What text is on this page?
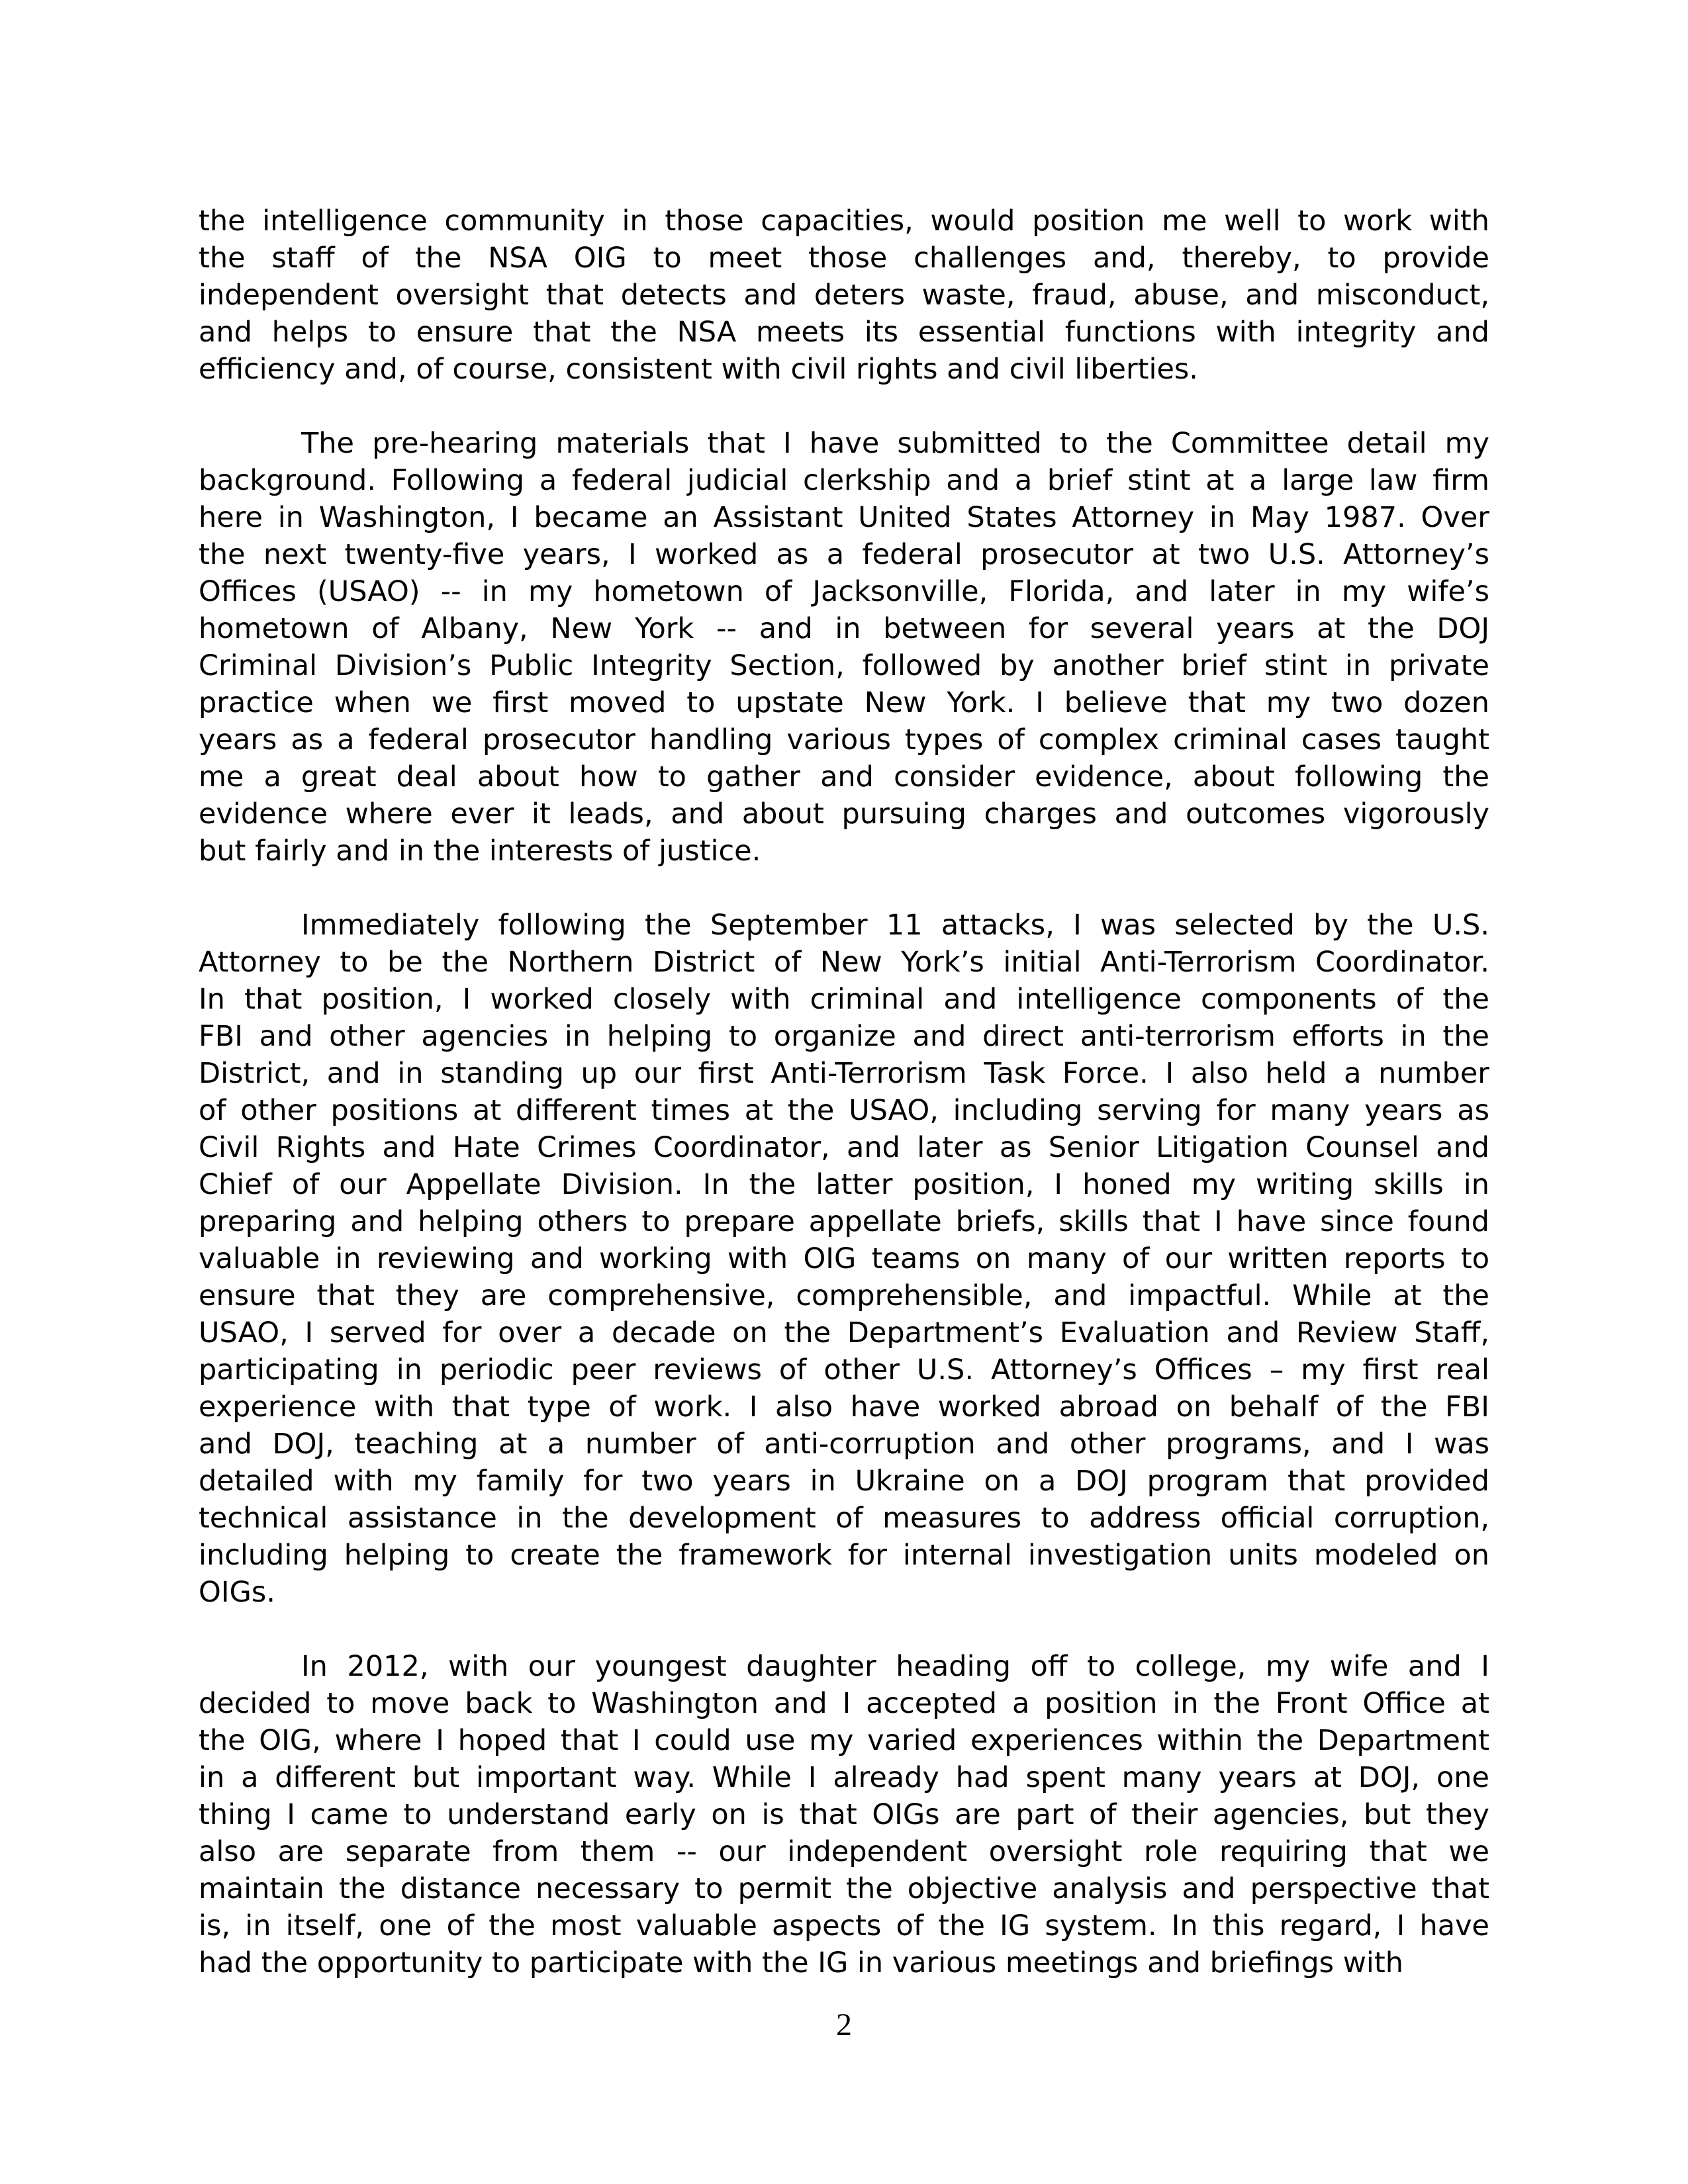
the intelligence community in those capacities, would position me well to work with
the staff of the NSA OIG to meet those challenges and, thereby, to provide
independent oversight that detects and deters waste, fraud, abuse, and misconduct,
and helps to ensure that the NSA meets its essential functions with integrity and
efficiency and, of course, consistent with civil rights and civil liberties.
The pre-hearing materials that I have submitted to the Committee detail my
background. Following a federal judicial clerkship and a brief stint at a large law firm
here in Washington, I became an Assistant United States Attorney in May 1987. Over
the next twenty-five years, I worked as a federal prosecutor at two U.S. Attorney’s
Offices (USAO) -- in my hometown of Jacksonville, Florida, and later in my wife’s
hometown of Albany, New York -- and in between for several years at the DOJ
Criminal Division’s Public Integrity Section, followed by another brief stint in private
practice when we first moved to upstate New York. I believe that my two dozen
years as a federal prosecutor handling various types of complex criminal cases taught
me a great deal about how to gather and consider evidence, about following the
evidence where ever it leads, and about pursuing charges and outcomes vigorously
but fairly and in the interests of justice.
Immediately following the September 11 attacks, I was selected by the U.S.
Attorney to be the Northern District of New York’s initial Anti-Terrorism Coordinator.
In that position, I worked closely with criminal and intelligence components of the
FBI and other agencies in helping to organize and direct anti-terrorism efforts in the
District, and in standing up our first Anti-Terrorism Task Force. I also held a number
of other positions at different times at the USAO, including serving for many years as
Civil Rights and Hate Crimes Coordinator, and later as Senior Litigation Counsel and
Chief of our Appellate Division. In the latter position, I honed my writing skills in
preparing and helping others to prepare appellate briefs, skills that I have since found
valuable in reviewing and working with OIG teams on many of our written reports to
ensure that they are comprehensive, comprehensible, and impactful. While at the
USAO, I served for over a decade on the Department’s Evaluation and Review Staff,
participating in periodic peer reviews of other U.S. Attorney’s Offices – my first real
experience with that type of work. I also have worked abroad on behalf of the FBI
and DOJ, teaching at a number of anti-corruption and other programs, and I was
detailed with my family for two years in Ukraine on a DOJ program that provided
technical assistance in the development of measures to address official corruption,
including helping to create the framework for internal investigation units modeled on
OIGs.
In 2012, with our youngest daughter heading off to college, my wife and I
decided to move back to Washington and I accepted a position in the Front Office at
the OIG, where I hoped that I could use my varied experiences within the Department
in a different but important way. While I already had spent many years at DOJ, one
thing I came to understand early on is that OIGs are part of their agencies, but they
also are separate from them -- our independent oversight role requiring that we
maintain the distance necessary to permit the objective analysis and perspective that
is, in itself, one of the most valuable aspects of the IG system. In this regard, I have
had the opportunity to participate with the IG in various meetings and briefings with
2
